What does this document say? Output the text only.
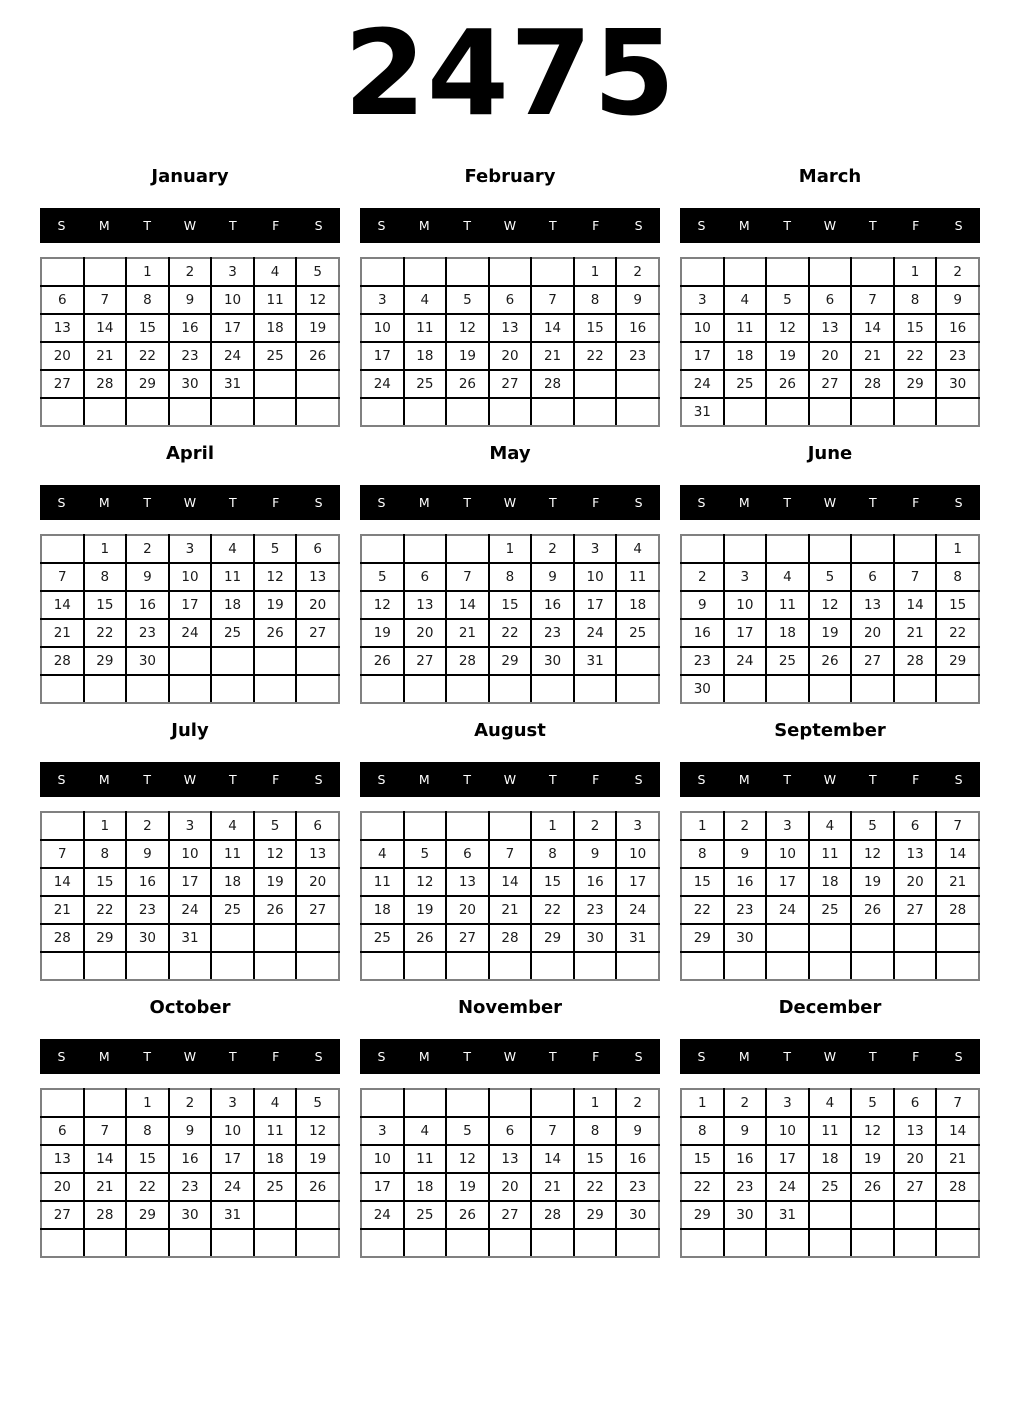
2475
January
S	M	T	W	T	F	S
		1	2	3	4	5
6	7	8	9	10	11	12
13	14	15	16	17	18	19
20	21	22	23	24	25	26
27	28	29	30	31		

February
S	M	T	W	T	F	S
					1	2
3	4	5	6	7	8	9
10	11	12	13	14	15	16
17	18	19	20	21	22	23
24	25	26	27	28		

March
S	M	T	W	T	F	S
					1	2
3	4	5	6	7	8	9
10	11	12	13	14	15	16
17	18	19	20	21	22	23
24	25	26	27	28	29	30
31						
April
S	M	T	W	T	F	S
	1	2	3	4	5	6
7	8	9	10	11	12	13
14	15	16	17	18	19	20
21	22	23	24	25	26	27
28	29	30				

May
S	M	T	W	T	F	S
			1	2	3	4
5	6	7	8	9	10	11
12	13	14	15	16	17	18
19	20	21	22	23	24	25
26	27	28	29	30	31	

June
S	M	T	W	T	F	S
						1
2	3	4	5	6	7	8
9	10	11	12	13	14	15
16	17	18	19	20	21	22
23	24	25	26	27	28	29
30						
July
S	M	T	W	T	F	S
	1	2	3	4	5	6
7	8	9	10	11	12	13
14	15	16	17	18	19	20
21	22	23	24	25	26	27
28	29	30	31			

August
S	M	T	W	T	F	S
				1	2	3
4	5	6	7	8	9	10
11	12	13	14	15	16	17
18	19	20	21	22	23	24
25	26	27	28	29	30	31

September
S	M	T	W	T	F	S
1	2	3	4	5	6	7
8	9	10	11	12	13	14
15	16	17	18	19	20	21
22	23	24	25	26	27	28
29	30					

October
S	M	T	W	T	F	S
		1	2	3	4	5
6	7	8	9	10	11	12
13	14	15	16	17	18	19
20	21	22	23	24	25	26
27	28	29	30	31		

November
S	M	T	W	T	F	S
					1	2
3	4	5	6	7	8	9
10	11	12	13	14	15	16
17	18	19	20	21	22	23
24	25	26	27	28	29	30

December
S	M	T	W	T	F	S
1	2	3	4	5	6	7
8	9	10	11	12	13	14
15	16	17	18	19	20	21
22	23	24	25	26	27	28
29	30	31				
